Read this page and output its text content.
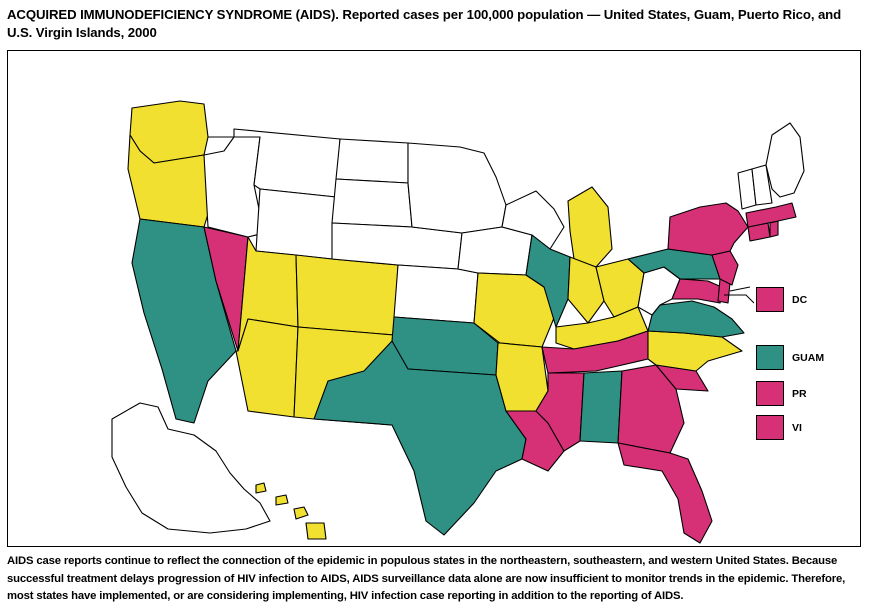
ACQUIRED IMMUNODEFICIENCY SYNDROME (AIDS). Reported cases per 100,000 population — United States, Guam, Puerto Rico, and U.S. Virgin Islands, 2000
DC
GUAM
PR
VI
AIDS case reports continue to reflect the connection of the epidemic in populous states in the northeastern, southeastern, and western United States. Because successful treatment delays progression of HIV infection to AIDS, AIDS surveillance data alone are now insufficient to monitor trends in the epidemic. Therefore, most states have implemented, or are considering implementing, HIV infection case reporting in addition to the reporting of AIDS.
